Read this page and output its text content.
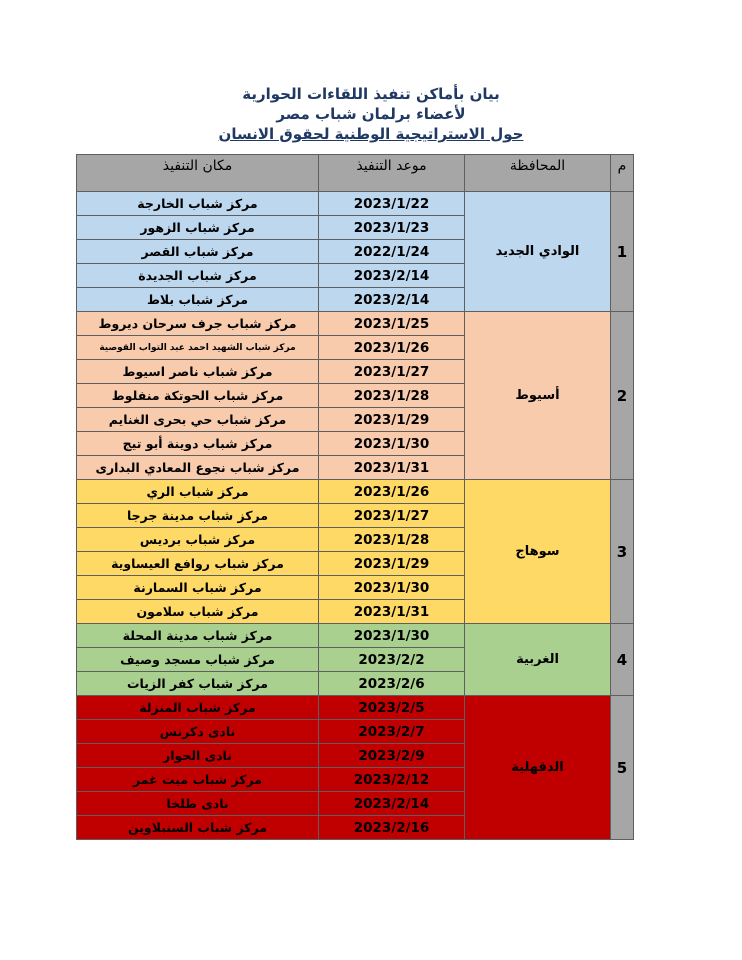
بيان بأماكن تنفيذ اللقاءات الحوارية
لأعضاء برلمان شباب مصر
حول الاستراتيجية الوطنية لحقوق الانسان
م	المحافظة	موعد التنفيذ	مكان التنفيذ
1	الوادي الجديد	2023/1/22	مركز شباب الخارجة
		2023/1/23	مركز شباب الزهور
		2022/1/24	مركز شباب القصر
		2023/2/14	مركز شباب الجديدة
		2023/2/14	مركز شباب بلاط
2	أسيوط	2023/1/25	مركز شباب جرف سرحان ديروط
		2023/1/26	مركز شباب الشهيد احمد عبد التواب القوصية
		2023/1/27	مركز شباب ناصر اسيوط
		2023/1/28	مركز شباب الحوتكة منفلوط
		2023/1/29	مركز شباب حي بحرى الغنايم
		2023/1/30	مركز شباب دوينة أبو تيج
		2023/1/31	مركز شباب نجوع المعادي البدارى
3	سوهاج	2023/1/26	مركز شباب الري
		2023/1/27	مركز شباب مدينة جرجا
		2023/1/28	مركز شباب برديس
		2023/1/29	مركز شباب روافع العيساوية
		2023/1/30	مركز شباب السمارنة
		2023/1/31	مركز شباب سلامون
4	الغربية	2023/1/30	مركز شباب مدينة المحلة
		2023/2/2	مركز شباب مسجد وصيف
		2023/2/6	مركز شباب كفر الزيات
5	الدقهلية	2023/2/5	مركز شباب المنزلة
		2023/2/7	نادى دكرنس
		2023/2/9	نادى الحوار
		2023/2/12	مركز شباب ميت غمر
		2023/2/14	نادى طلخا
		2023/2/16	مركز شباب السنبلاوين
